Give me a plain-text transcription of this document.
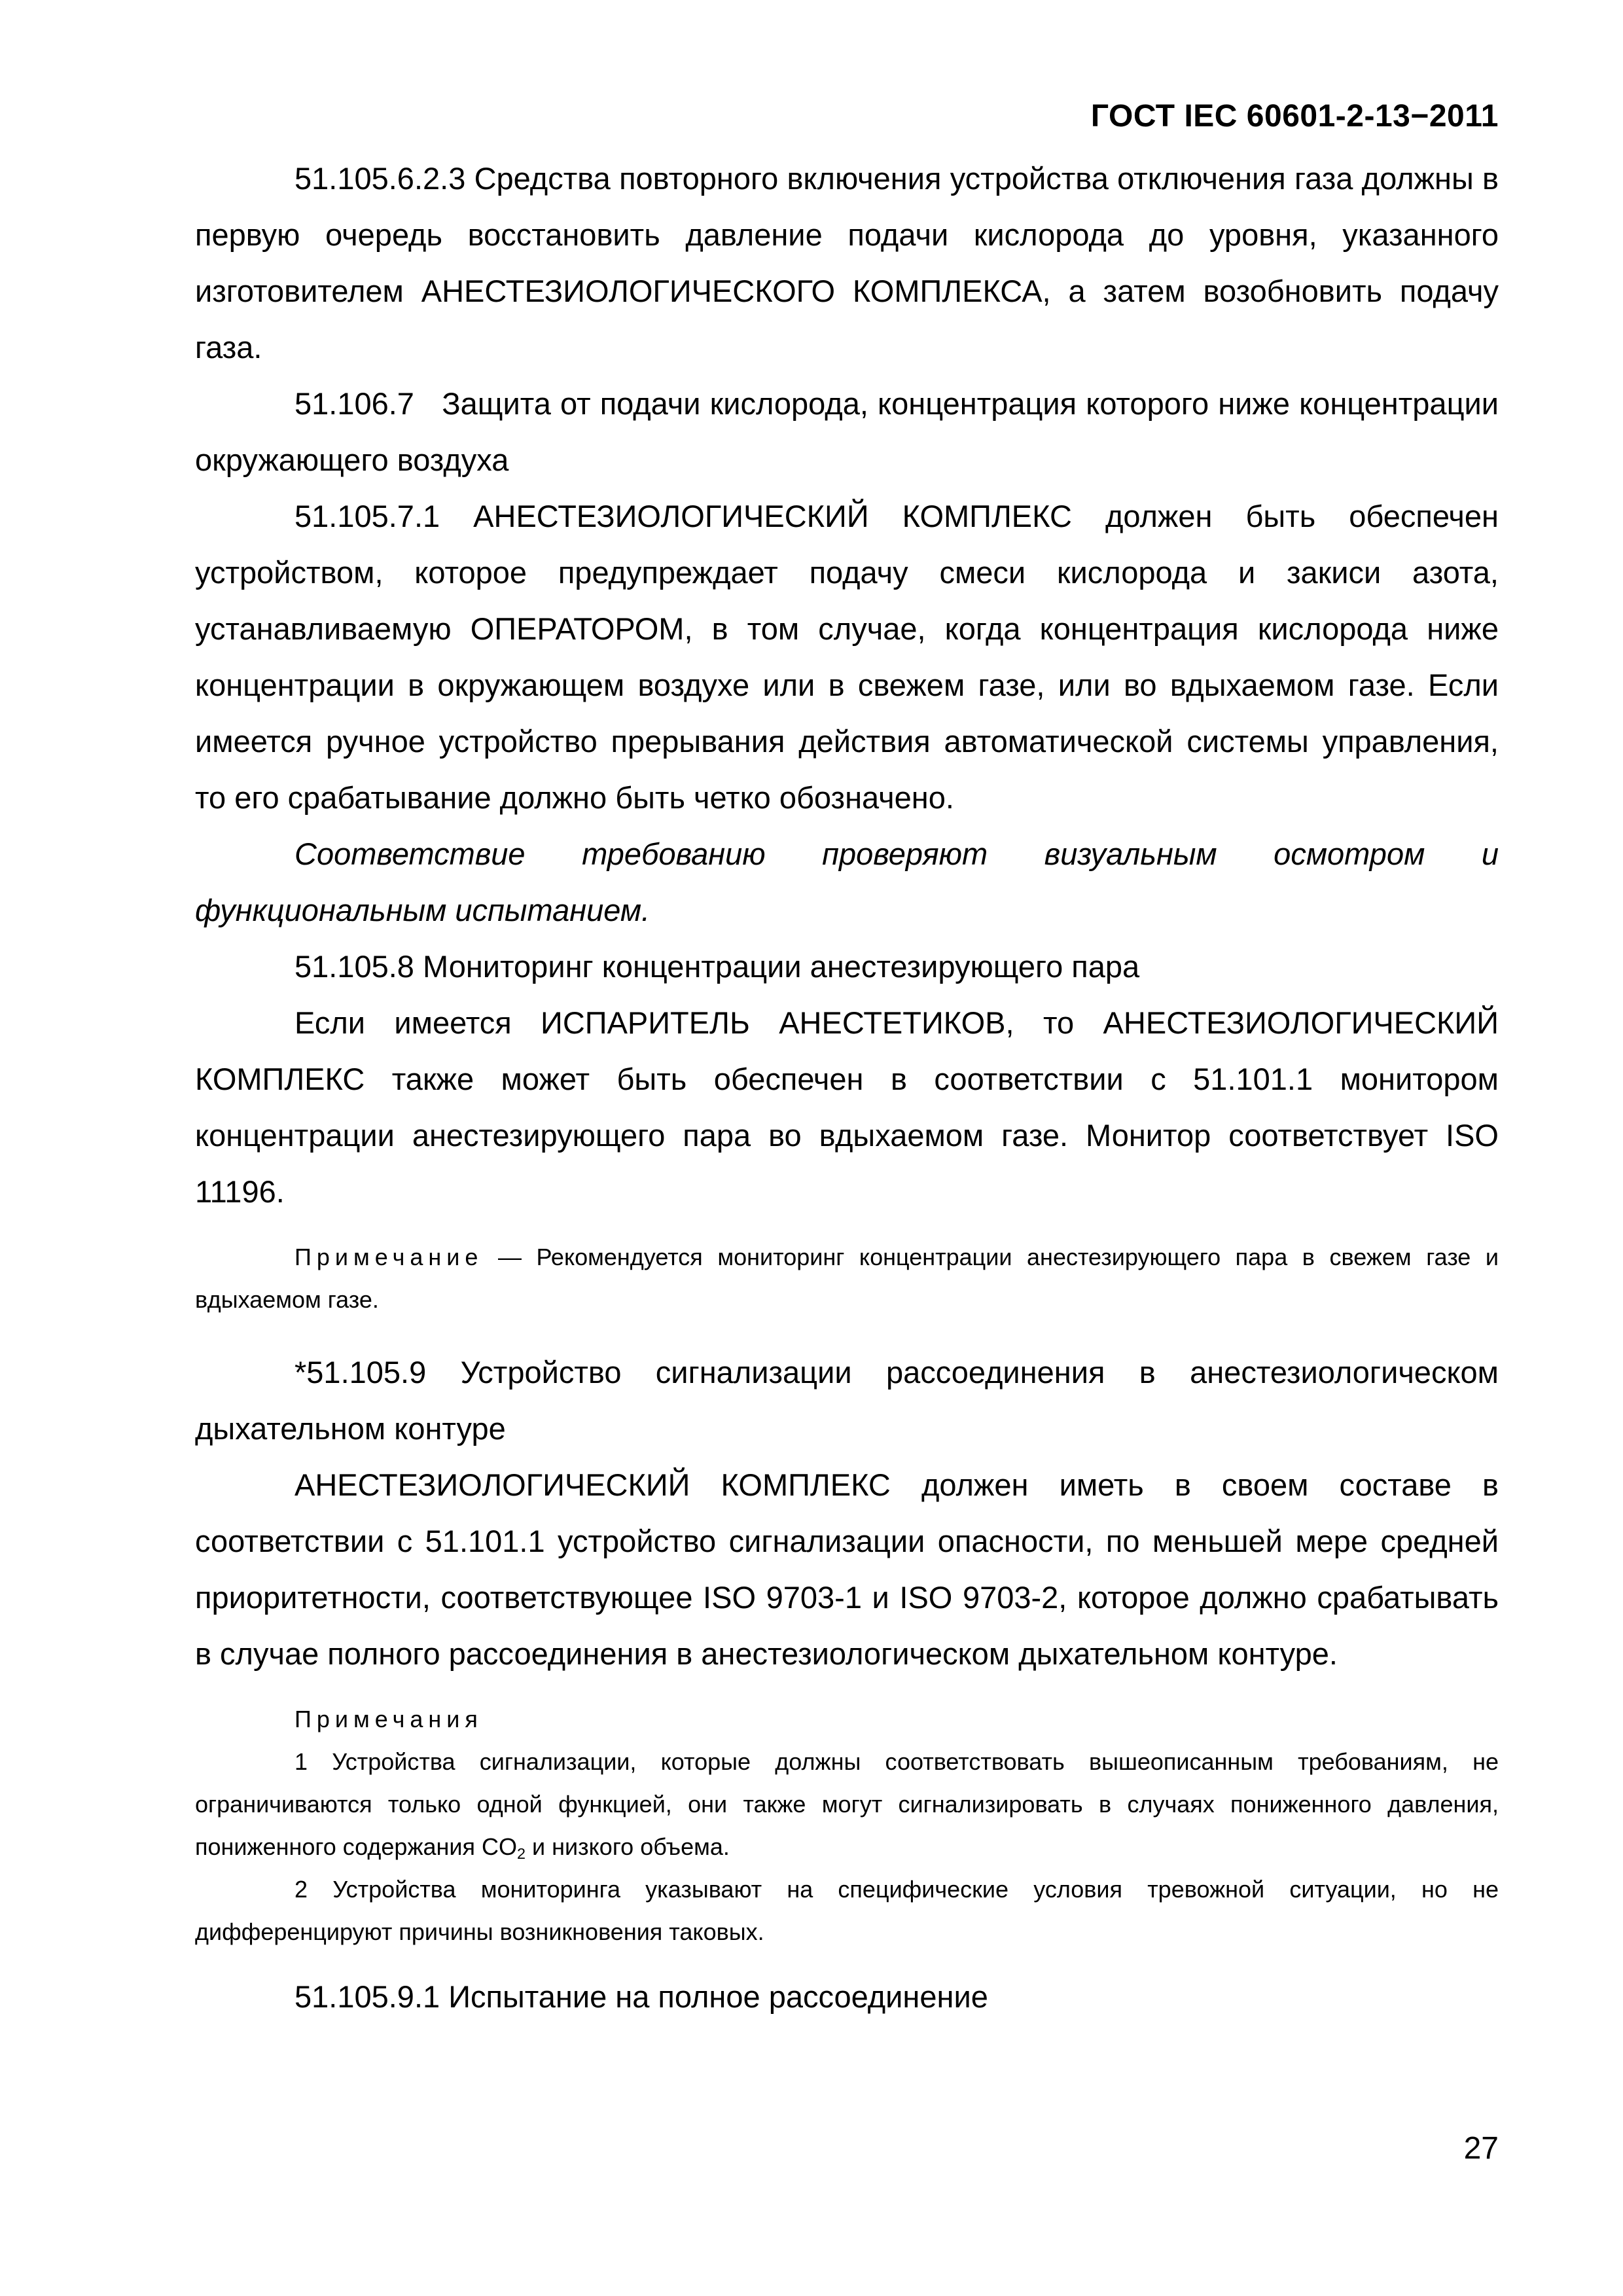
ГОСТ IEC 60601-2-13−2011

51.105.6.2.3 Средства повторного включения устройства отключения газа должны в первую очередь восстановить давление подачи кислорода до уровня, указанного изготовителем АНЕСТЕЗИОЛОГИЧЕСКОГО КОМПЛЕКСА, а затем возобновить подачу газа.

51.106.7   Защита от подачи кислорода, концентрация которого ниже концентрации окружающего воздуха

51.105.7.1 АНЕСТЕЗИОЛОГИЧЕСКИЙ КОМПЛЕКС должен быть обеспечен устройством, которое предупреждает подачу смеси кислорода и закиси азота, устанавливаемую ОПЕРАТОРОМ, в том случае, когда концентрация кислорода ниже концентрации в окружающем воздухе или в свежем газе, или во вдыхаемом газе. Если имеется ручное устройство прерывания действия автоматической системы управления, то его срабатывание должно быть четко обозначено.

Соответствие требованию проверяют визуальным осмотром и функциональным испытанием.

51.105.8 Мониторинг концентрации анестезирующего пара

Если имеется ИСПАРИТЕЛЬ АНЕСТЕТИКОВ, то АНЕСТЕЗИОЛОГИЧЕСКИЙ КОМПЛЕКС также может быть обеспечен в соответствии с 51.101.1 монитором концентрации анестезирующего пара во вдыхаемом газе. Монитор соответствует ISO 11196.

Примечание — Рекомендуется мониторинг концентрации анестезирующего пара в свежем газе и вдыхаемом газе.

*51.105.9 Устройство сигнализации рассоединения в анестезиологическом дыхательном контуре

АНЕСТЕЗИОЛОГИЧЕСКИЙ КОМПЛЕКС должен иметь в своем составе в соответствии с 51.101.1 устройство сигнализации опасности, по меньшей мере средней приоритетности, соответствующее ISO 9703-1 и ISO 9703-2, которое должно срабатывать в случае полного рассоединения в анестезиологическом дыхательном контуре.

Примечания

1 Устройства сигнализации, которые должны соответствовать вышеописанным требованиям, не ограничиваются только одной функцией, они также могут сигнализировать в случаях пониженного давления, пониженного содержания $CO_2$ и низкого объема.

2 Устройства мониторинга указывают на специфические условия тревожной ситуации, но не дифференцируют причины возникновения таковых.

51.105.9.1 Испытание на полное рассоединение

27
